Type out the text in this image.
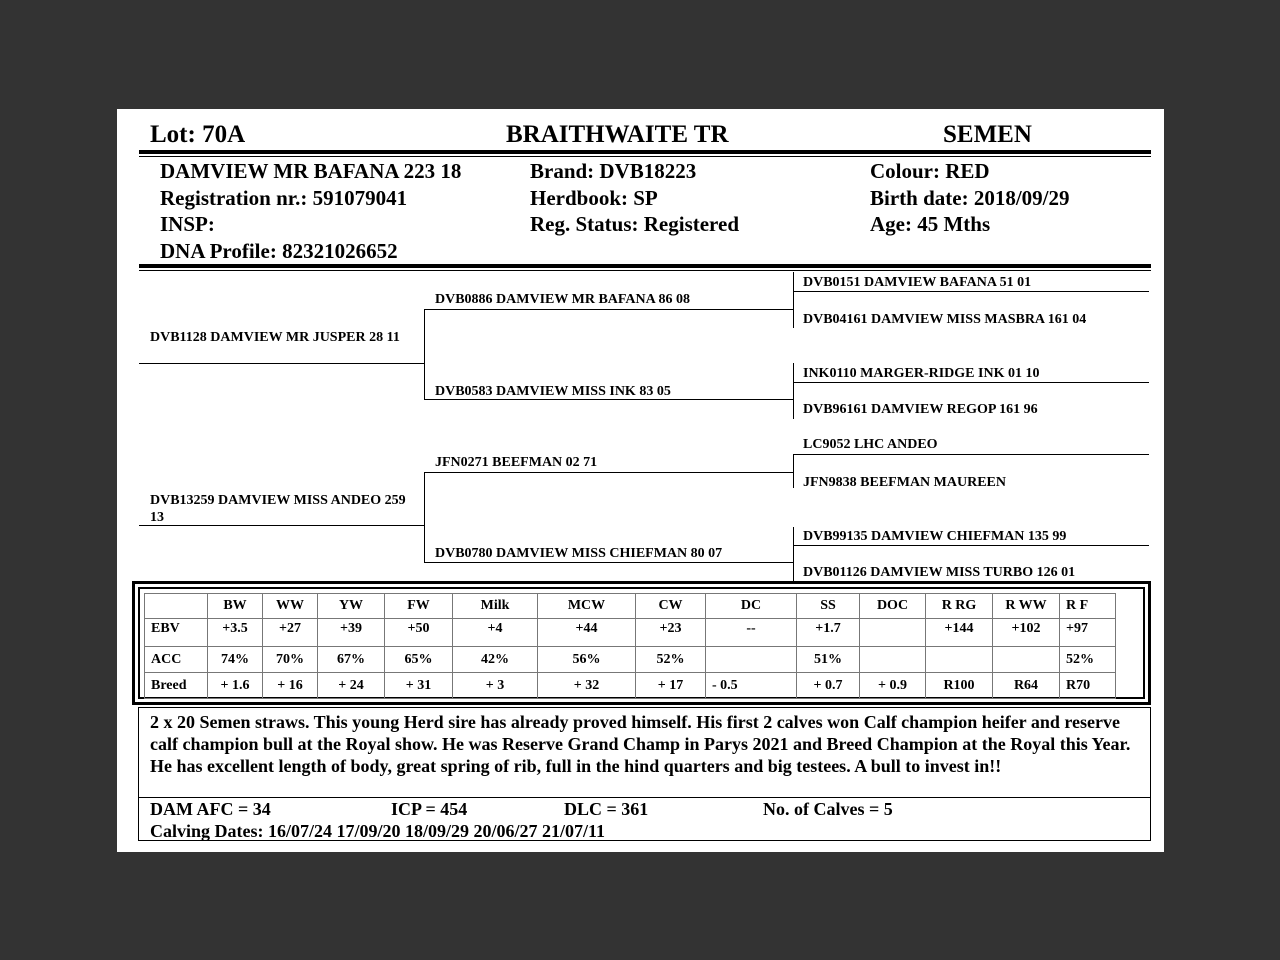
Lot: 70A	BRAITHWAITE TR	SEMEN
DAMVIEW MR BAFANA 223 18
Registration nr.: 591079041
INSP:
DNA Profile: 82321026652
Brand: DVB18223
Herdbook: SP
Reg. Status: Registered
Colour: RED
Birth date: 2018/09/29
Age: 45 Mths
DVB1128 DAMVIEW MR JUSPER 28 11
DVB13259 DAMVIEW MISS ANDEO 259 13
DVB0886 DAMVIEW MR BAFANA 86 08
DVB0583 DAMVIEW MISS INK 83 05
JFN0271 BEEFMAN 02 71
DVB0780 DAMVIEW MISS CHIEFMAN 80 07
DVB0151 DAMVIEW BAFANA 51 01
DVB04161 DAMVIEW MISS MASBRA 161 04
INK0110 MARGER-RIDGE INK 01 10
DVB96161 DAMVIEW REGOP 161 96
LC9052 LHC ANDEO
JFN9838 BEEFMAN MAUREEN
DVB99135 DAMVIEW CHIEFMAN 135 99
DVB01126 DAMVIEW MISS TURBO 126 01
	BW	WW	YW	FW	Milk	MCW	CW	DC	SS	DOC	R RG	R WW	R F
EBV	+3.5	+27	+39	+50	+4	+44	+23	--	+1.7		+144	+102	+97
ACC	74%	70%	67%	65%	42%	56%	52%		51%				52%
Breed	+ 1.6	+ 16	+ 24	+ 31	+ 3	+ 32	+ 17	- 0.5	+ 0.7	+ 0.9	R100	R64	R70
2 x 20 Semen straws. This young Herd sire has already proved himself. His first 2 calves won Calf champion heifer and reserve calf champion bull at the Royal show. He was Reserve Grand Champ in Parys 2021 and Breed Champion at the Royal this Year. He has excellent length of body, great spring of rib, full in the hind quarters and big testees. A bull to invest in!!
DAM AFC = 34	ICP = 454	DLC = 361	No. of Calves = 5
Calving Dates: 16/07/24 17/09/20 18/09/29 20/06/27 21/07/11
